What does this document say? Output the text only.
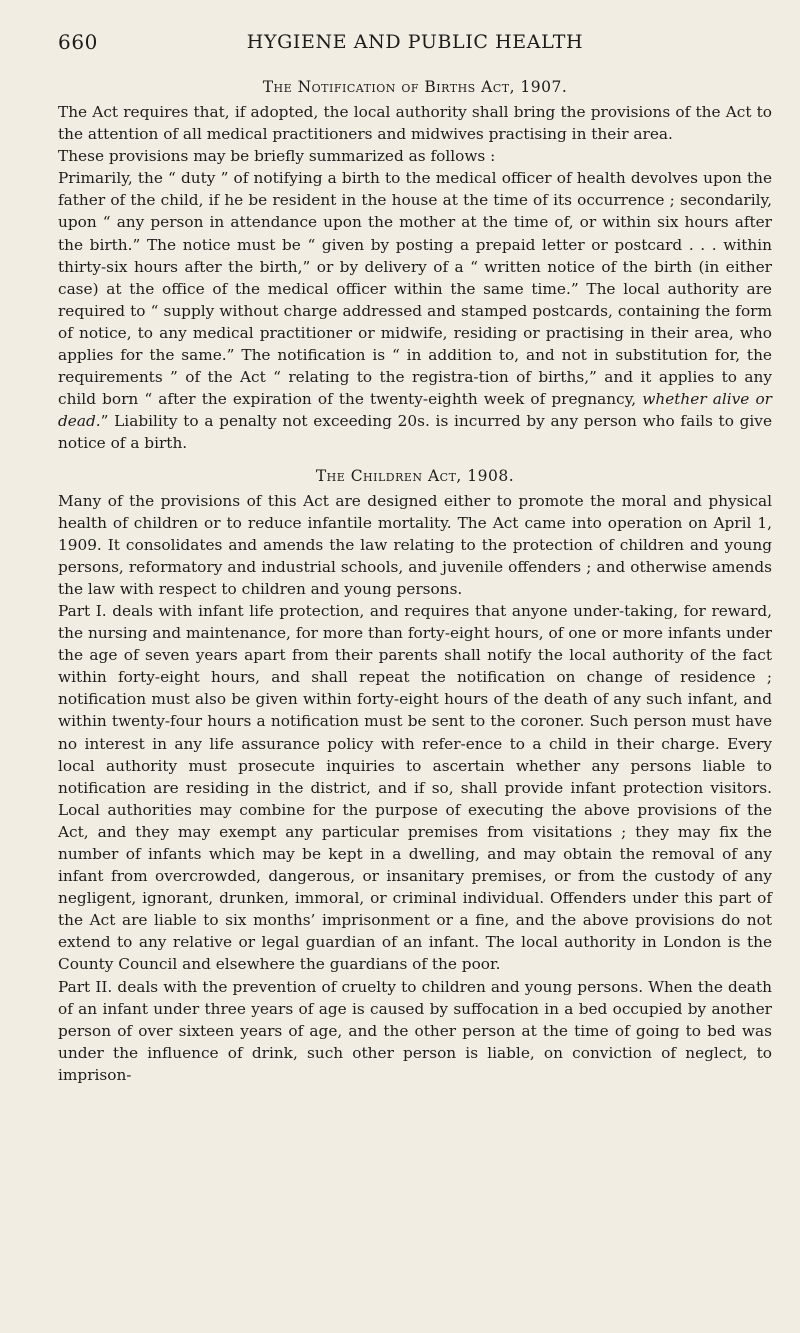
660	HYGIENE AND PUBLIC HEALTH
The Notification of Births Act, 1907.

The Act requires that, if adopted, the local authority shall bring the provisions of the Act to the attention of all medical practitioners and midwives practising in their area.

These provisions may be briefly summarized as follows :

Primarily, the “ duty ” of notifying a birth to the medical officer of health devolves upon the father of the child, if he be resident in the house at the time of its occurrence ; secondarily, upon “ any person in attendance upon the mother at the time of, or within six hours after the birth.” The notice must be “ given by posting a prepaid letter or postcard . . . within thirty-six hours after the birth,” or by delivery of a “ written notice of the birth (in either case) at the office of the medical officer within the same time.” The local authority are required to “ supply without charge addressed and stamped postcards, containing the form of notice, to any medical practitioner or midwife, residing or practising in their area, who applies for the same.” The notification is “ in addition to, and not in substitution for, the requirements ” of the Act “ relating to the registra-tion of births,” and it applies to any child born “ after the expiration of the twenty-eighth week of pregnancy, whether alive or dead.” Liability to a penalty not exceeding 20s. is incurred by any person who fails to give notice of a birth.

The Children Act, 1908.

Many of the provisions of this Act are designed either to promote the moral and physical health of children or to reduce infantile mortality. The Act came into operation on April 1, 1909. It consolidates and amends the law relating to the protection of children and young persons, reformatory and industrial schools, and juvenile offenders ; and otherwise amends the law with respect to children and young persons.

Part I. deals with infant life protection, and requires that anyone under-taking, for reward, the nursing and maintenance, for more than forty-eight hours, of one or more infants under the age of seven years apart from their parents shall notify the local authority of the fact within forty-eight hours, and shall repeat the notification on change of residence ; notification must also be given within forty-eight hours of the death of any such infant, and within twenty-four hours a notification must be sent to the coroner. Such person must have no interest in any life assurance policy with refer-ence to a child in their charge. Every local authority must prosecute inquiries to ascertain whether any persons liable to notification are residing in the district, and if so, shall provide infant protection visitors. Local authorities may combine for the purpose of executing the above provisions of the Act, and they may exempt any particular premises from visitations ; they may fix the number of infants which may be kept in a dwelling, and may obtain the removal of any infant from overcrowded, dangerous, or insanitary premises, or from the custody of any negligent, ignorant, drunken, immoral, or criminal individual. Offenders under this part of the Act are liable to six months’ imprisonment or a fine, and the above provisions do not extend to any relative or legal guardian of an infant. The local authority in London is the County Council and elsewhere the guardians of the poor.

Part II. deals with the prevention of cruelty to children and young persons. When the death of an infant under three years of age is caused by suffocation in a bed occupied by another person of over sixteen years of age, and the other person at the time of going to bed was under the influence of drink, such other person is liable, on conviction of neglect, to imprison-
